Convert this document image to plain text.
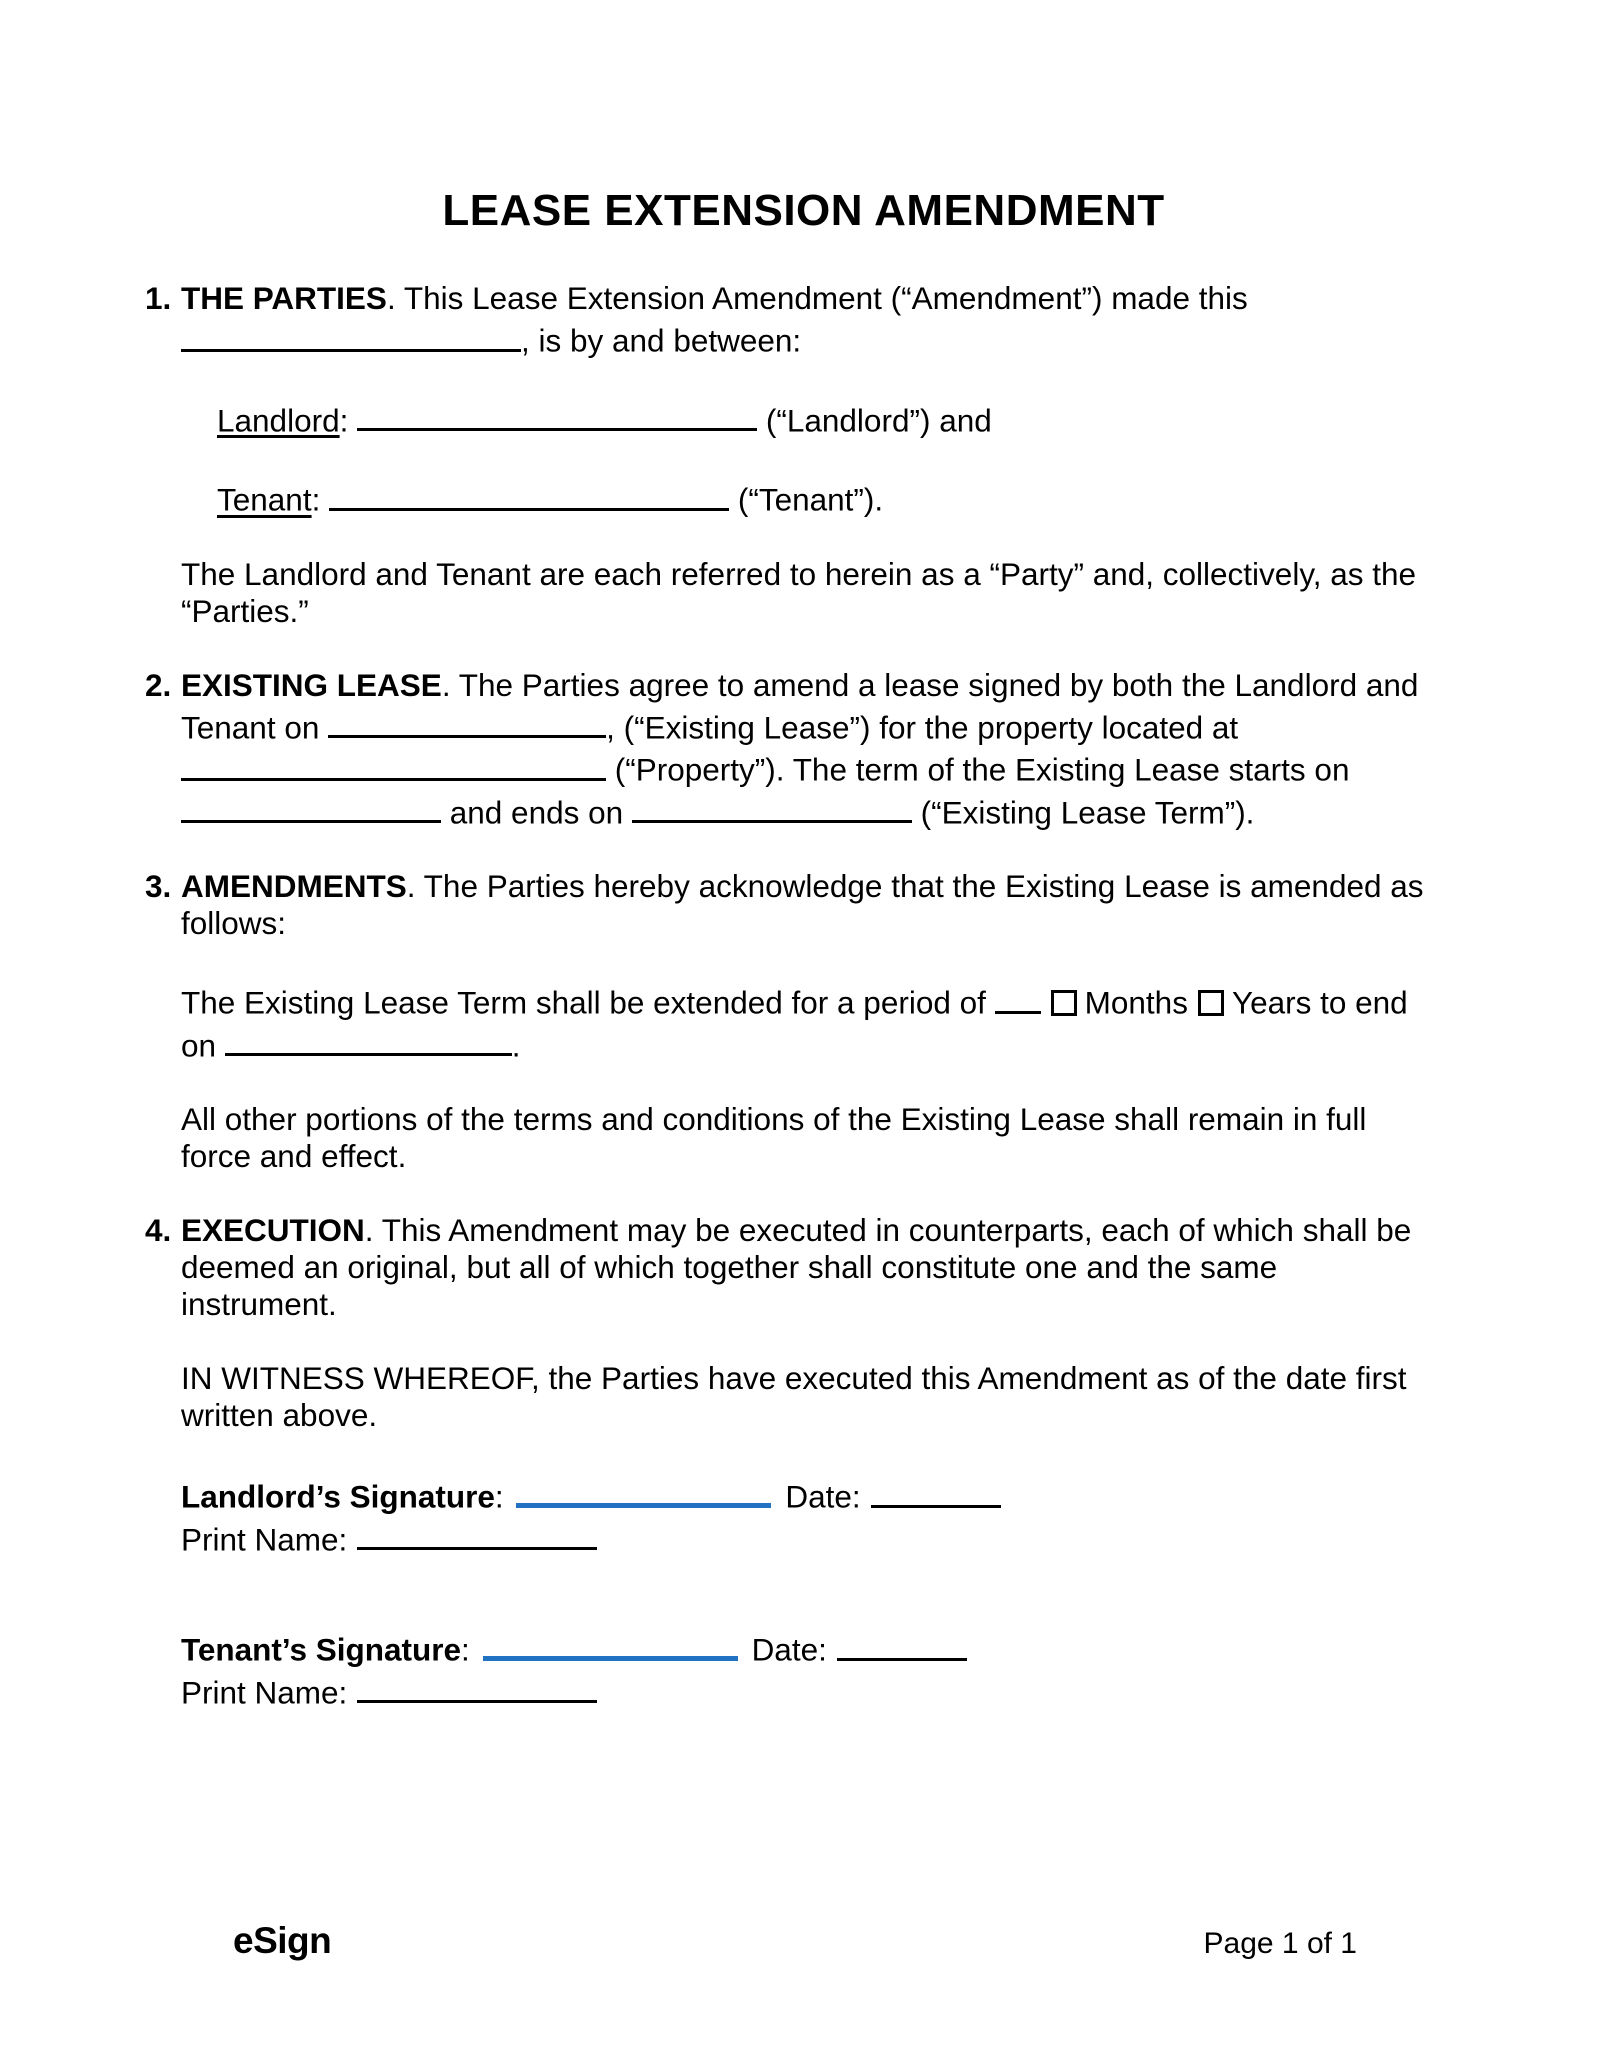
LEASE EXTENSION AMENDMENT
1. THE PARTIES. This Lease Extension Amendment (“Amendment”) made this , is by and between:

Landlord:	(“Landlord”) and

Tenant:	(“Tenant”).

The Landlord and Tenant are each referred to herein as a “Party” and, collectively, as the “Parties.”

2. EXISTING LEASE. The Parties agree to amend a lease signed by both the Landlord and Tenant on	, (“Existing Lease”) for the property located at  (“Property”). The term of the Existing Lease starts on  and ends on	(“Existing Lease Term”).

3. AMENDMENTS. The Parties hereby acknowledge that the Existing Lease is amended as follows:

The Existing Lease Term shall be extended for a period of	Months Years to end on	.

All other portions of the terms and conditions of the Existing Lease shall remain in full force and effect.

4. EXECUTION. This Amendment may be executed in counterparts, each of which shall be deemed an original, but all of which together shall constitute one and the same instrument.

IN WITNESS WHEREOF, the Parties have executed this Amendment as of the date first written above.

Landlord’s Signature:	Date:

Print Name:

Tenant’s Signature:	Date:

Print Name:

eSign	Page 1 of 1
